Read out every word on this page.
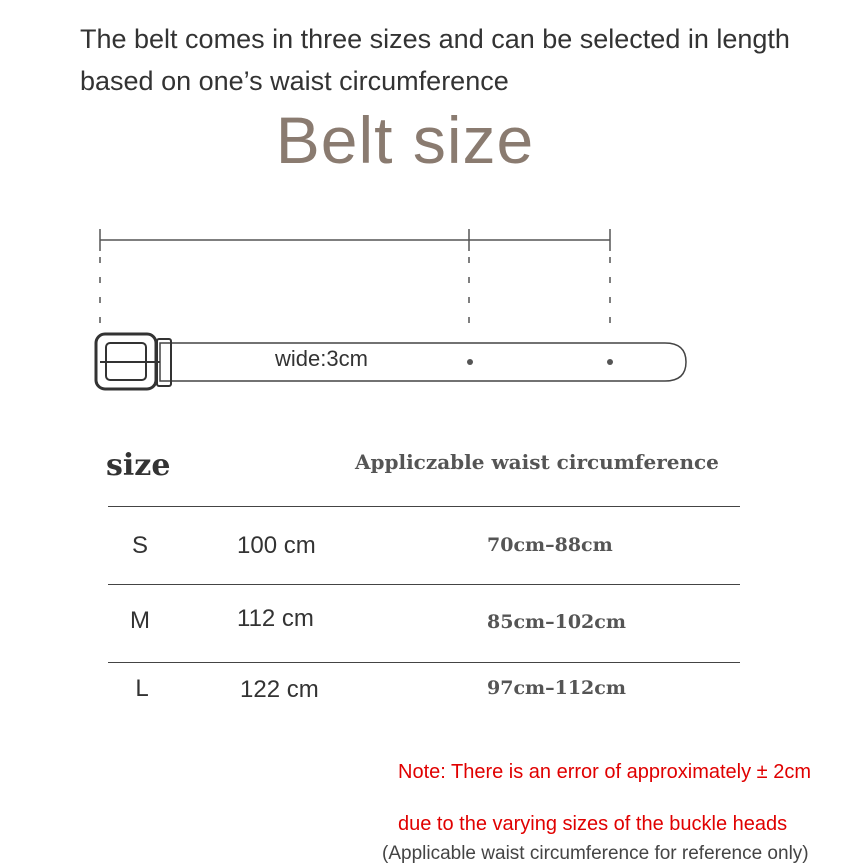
The belt comes in three sizes and can be selected in length
based on one’s waist circumference
Belt size
wide:3cm
size	Appliczable waist circumference
S	100 cm	70cm–88cm
M	112 cm	85cm–102cm
L	122 cm	97cm–112cm
Note: There is an error of approximately ± 2cm
due to the varying sizes of the buckle heads
(Applicable waist circumference for reference only)
